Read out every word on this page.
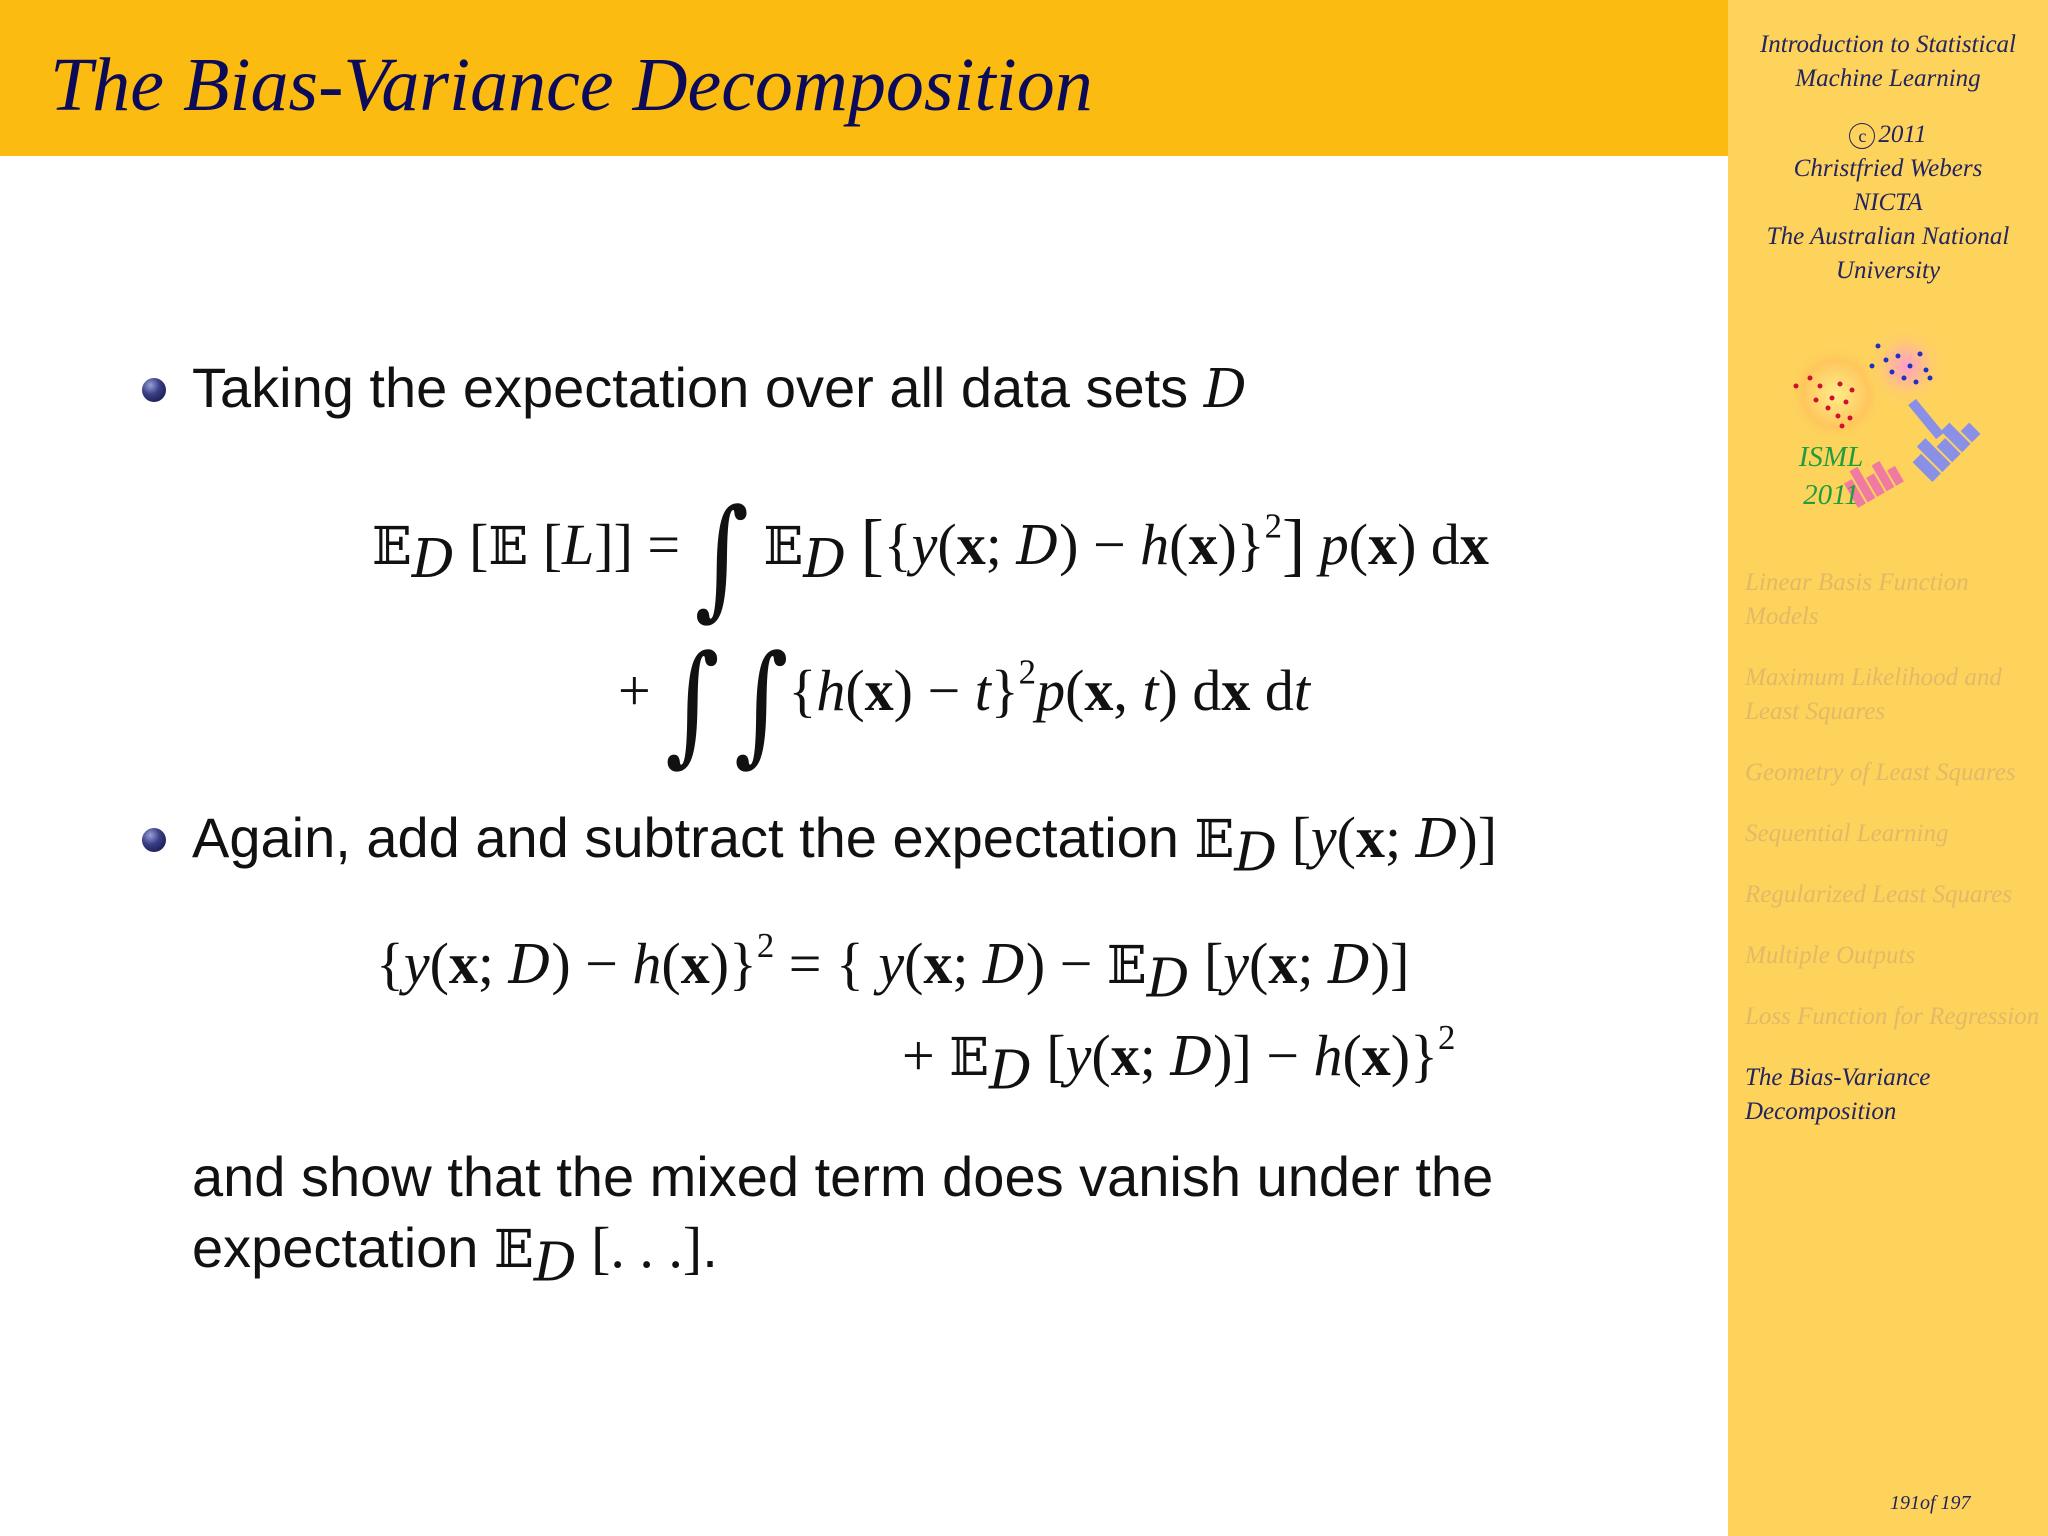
The Bias-Variance Decomposition
Taking the expectation over all data sets D
𝔼$_D$ [𝔼 [L]] = ∫ 𝔼$_D$ [{y(x; D) − h(x)}$^2$] p(x) dx
+ ∫ $\int\{h(x) - t\}^2p(x$, t) dx dt
Again, add and subtract the expectation 𝔼$_D$ [y(x; D)]
{y(x; D) − h(x)}$^2$ = { y(x; D) − 𝔼$_D$ [y(x; D)]
+ 𝔼$_D$ [y(x; D)] − h(x)}$^2$
and show that the mixed term does vanish under the
expectation 𝔼$_D$ [. . .].
Introduction to Statistical
Machine Learning
c 2011
Christfried Webers
NICTA
The Australian National
University
ISML
2011
Linear Basis Function Models
Maximum Likelihood and Least Squares
Geometry of Least Squares
Sequential Learning
Regularized Least Squares
Multiple Outputs
Loss Function for Regression
The Bias-Variance Decomposition
191of 197
